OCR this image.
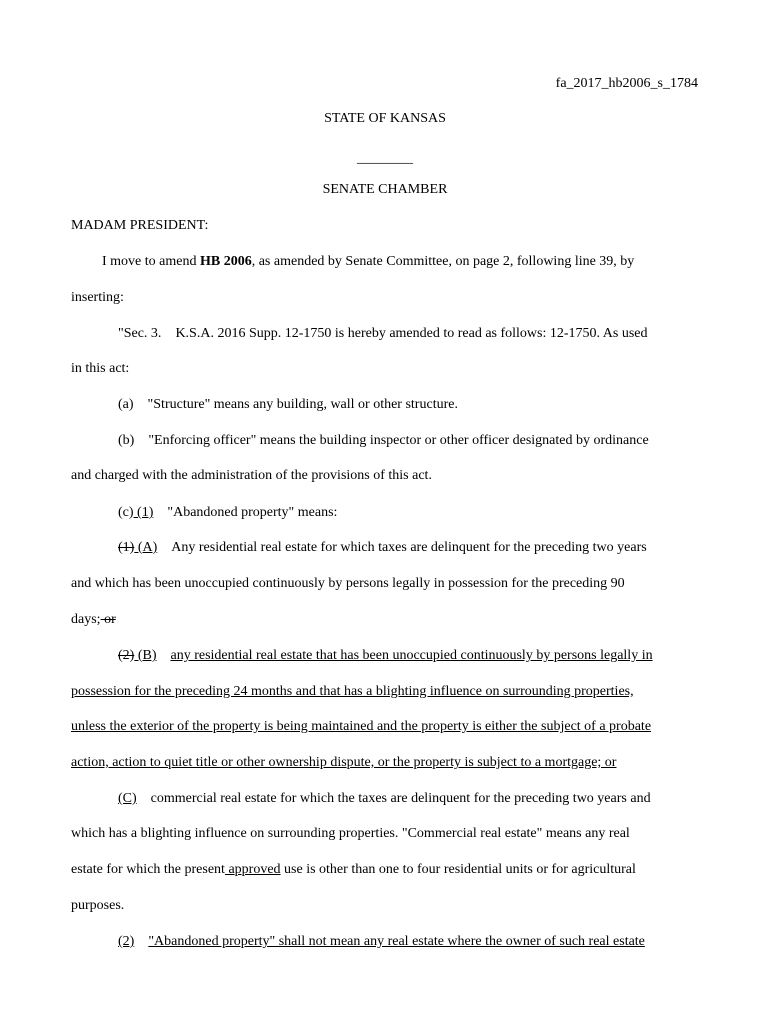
fa_2017_hb2006_s_1784
STATE OF KANSAS
________
SENATE CHAMBER
MADAM PRESIDENT:
I move to amend HB 2006, as amended by Senate Committee, on page 2, following line 39, by
inserting:
"Sec. 3. K.S.A. 2016 Supp. 12-1750 is hereby amended to read as follows: 12-1750. As used
in this act:
(a) "Structure" means any building, wall or other structure.
(b) "Enforcing officer" means the building inspector or other officer designated by ordinance
and charged with the administration of the provisions of this act.
(c) (1) "Abandoned property" means:
(1) (A) Any residential real estate for which taxes are delinquent for the preceding two years
and which has been unoccupied continuously by persons legally in possession for the preceding 90
days; or
(2) (B) any residential real estate that has been unoccupied continuously by persons legally in
possession for the preceding 24 months and that has a blighting influence on surrounding properties,
unless the exterior of the property is being maintained and the property is either the subject of a probate
action, action to quiet title or other ownership dispute, or the property is subject to a mortgage; or
(C) commercial real estate for which the taxes are delinquent for the preceding two years and
which has a blighting influence on surrounding properties. "Commercial real estate" means any real
estate for which the present approved use is other than one to four residential units or for agricultural
purposes.
(2) "Abandoned property" shall not mean any real estate where the owner of such real estate
